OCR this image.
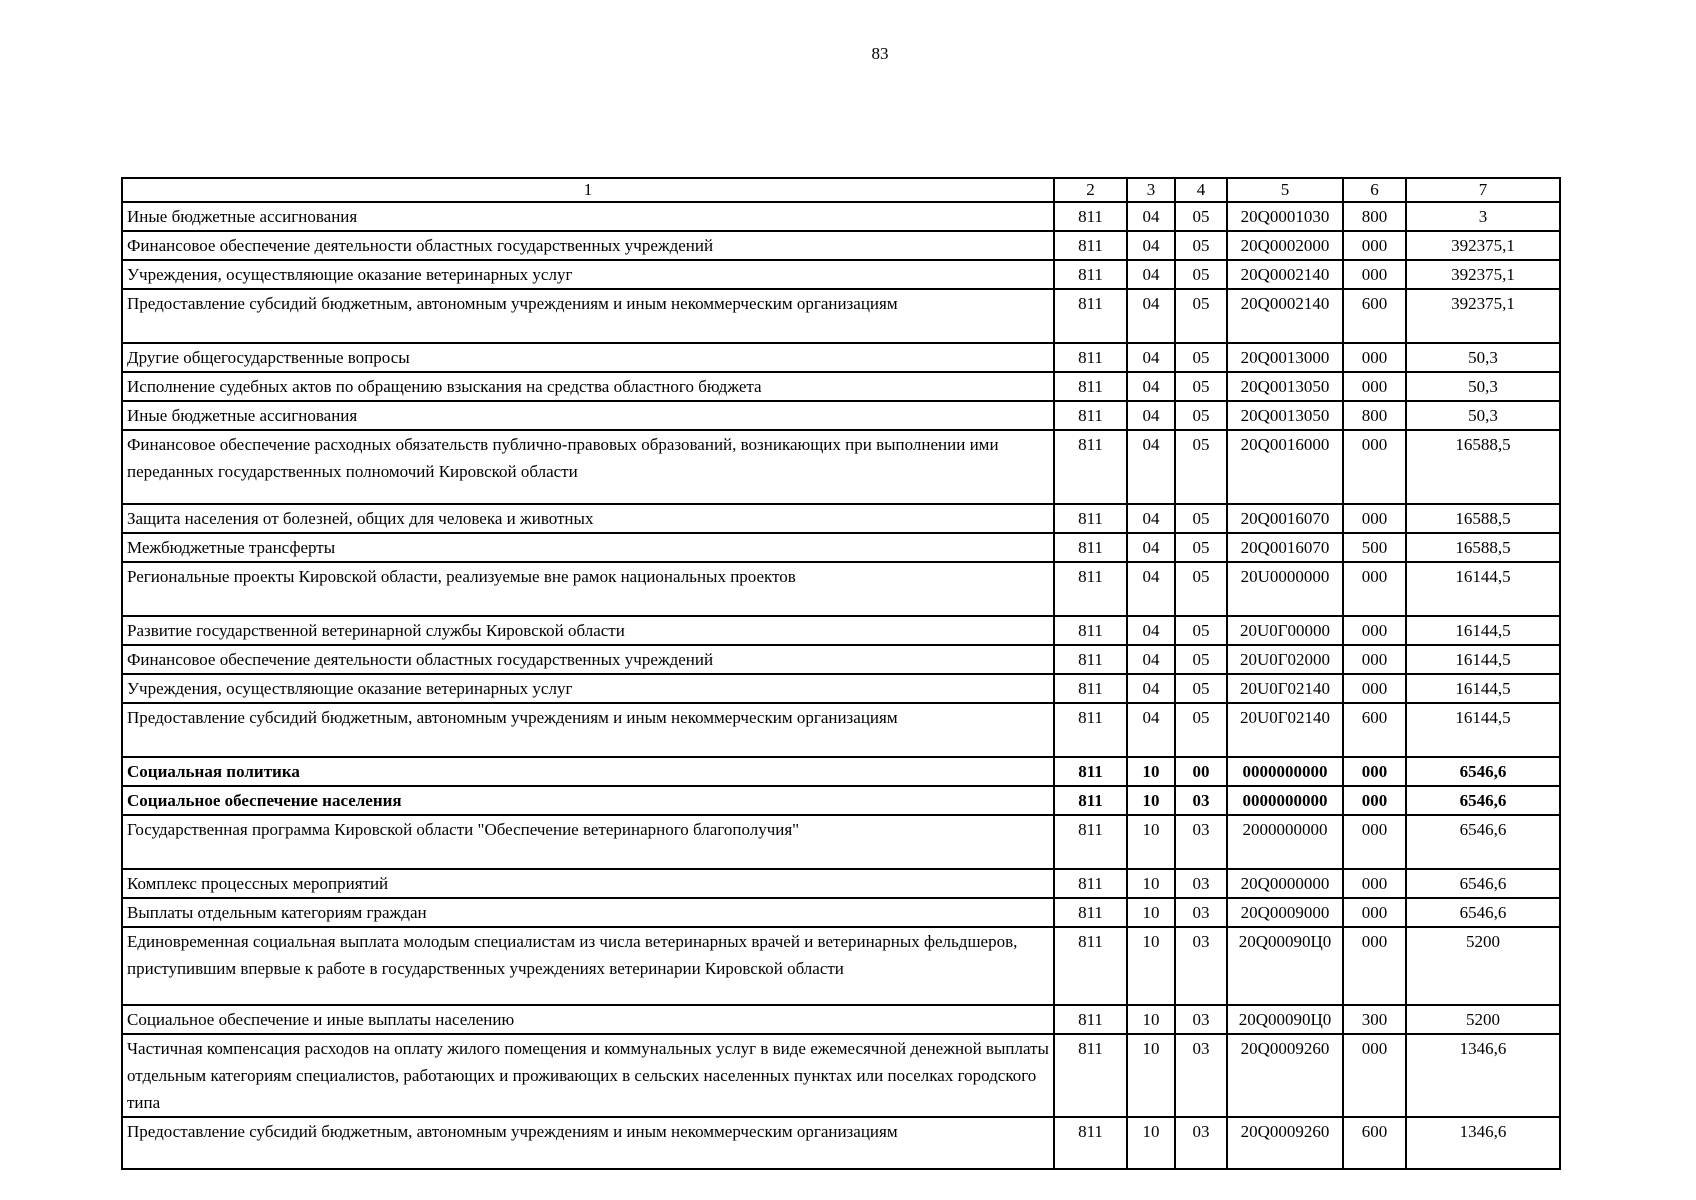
83
1	2	3	4	5	6	7
Иные бюджетные ассигнования	811	04	05	20Q0001030	800	3
Финансовое обеспечение деятельности областных государственных учреждений	811	04	05	20Q0002000	000	392375,1
Учреждения, осуществляющие оказание ветеринарных услуг	811	04	05	20Q0002140	000	392375,1
Предоставление субсидий бюджетным, автономным учреждениям и иным некоммерческим организациям	811	04	05	20Q0002140	600	392375,1
Другие общегосударственные вопросы	811	04	05	20Q0013000	000	50,3
Исполнение судебных актов по обращению взыскания на средства областного бюджета	811	04	05	20Q0013050	000	50,3
Иные бюджетные ассигнования	811	04	05	20Q0013050	800	50,3
Финансовое обеспечение расходных обязательств публично-правовых образований, возникающих при выполнении ими переданных государственных полномочий Кировской области	811	04	05	20Q0016000	000	16588,5
Защита населения от болезней, общих для человека и животных	811	04	05	20Q0016070	000	16588,5
Межбюджетные трансферты	811	04	05	20Q0016070	500	16588,5
Региональные проекты Кировской области, реализуемые вне рамок национальных проектов	811	04	05	20U0000000	000	16144,5
Развитие государственной ветеринарной службы Кировской области	811	04	05	20U0Г00000	000	16144,5
Финансовое обеспечение деятельности областных государственных учреждений	811	04	05	20U0Г02000	000	16144,5
Учреждения, осуществляющие оказание ветеринарных услуг	811	04	05	20U0Г02140	000	16144,5
Предоставление субсидий бюджетным, автономным учреждениям и иным некоммерческим организациям	811	04	05	20U0Г02140	600	16144,5
Социальная политика	811	10	00	0000000000	000	6546,6
Социальное обеспечение населения	811	10	03	0000000000	000	6546,6
Государственная программа Кировской области "Обеспечение ветеринарного благополучия"	811	10	03	2000000000	000	6546,6
Комплекс процессных мероприятий	811	10	03	20Q0000000	000	6546,6
Выплаты отдельным категориям граждан	811	10	03	20Q0009000	000	6546,6
Единовременная социальная выплата молодым специалистам из числа ветеринарных врачей и ветеринарных фельдшеров, приступившим впервые к работе в государственных учреждениях ветеринарии Кировской области	811	10	03	20Q00090Ц0	000	5200
Социальное обеспечение и иные выплаты населению	811	10	03	20Q00090Ц0	300	5200
Частичная компенсация расходов на оплату жилого помещения и коммунальных услуг в виде ежемесячной денежной выплаты отдельным категориям специалистов, работающих и проживающих в сельских населенных пунктах или поселках городского типа	811	10	03	20Q0009260	000	1346,6
Предоставление субсидий бюджетным, автономным учреждениям и иным некоммерческим организациям	811	10	03	20Q0009260	600	1346,6
